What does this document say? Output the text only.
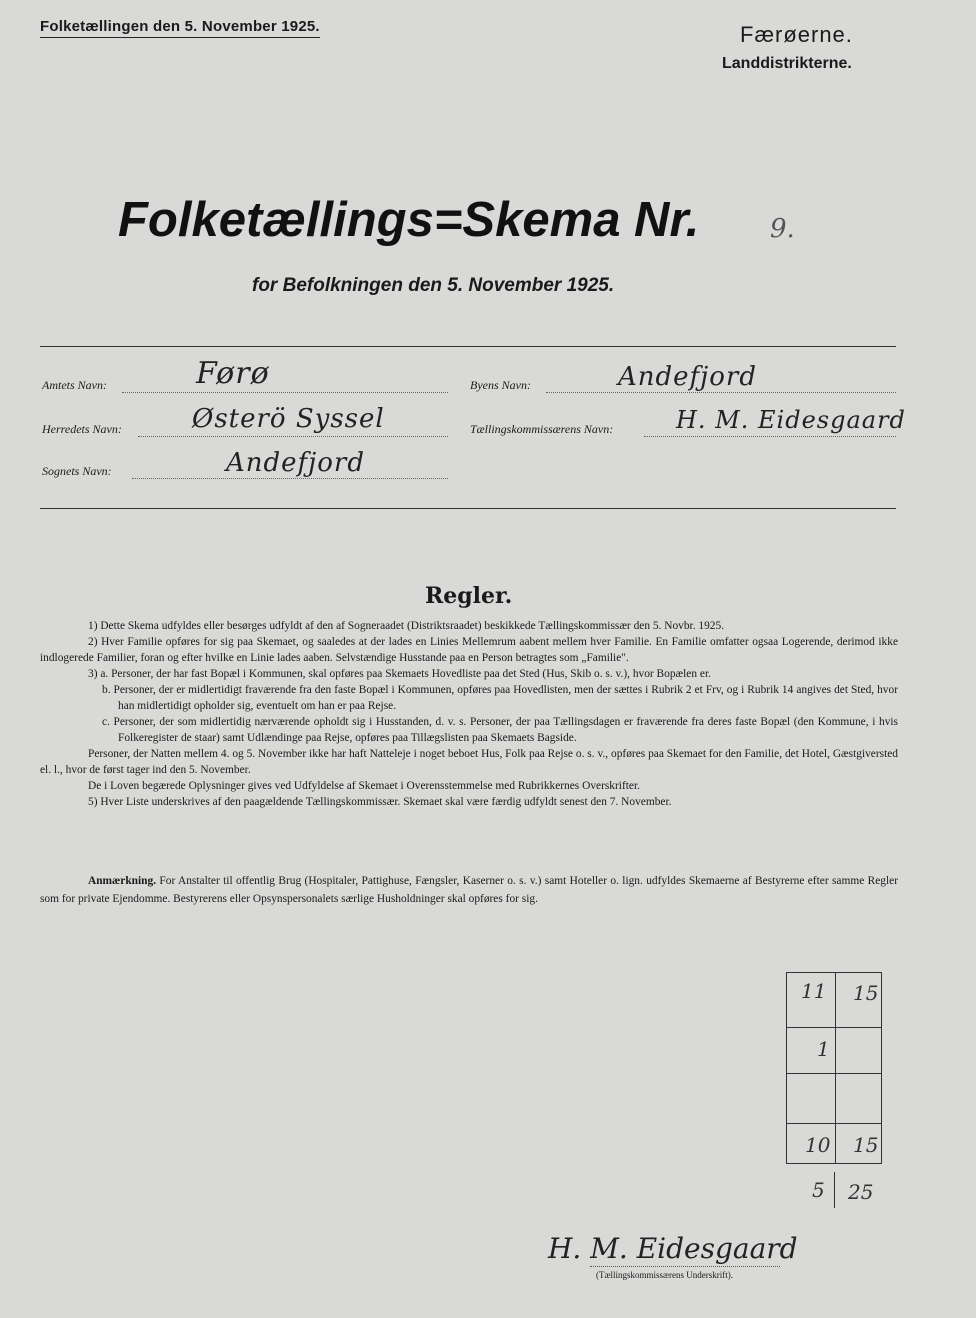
Folketællingen den 5. November 1925.	Færøerne.
Landdistrikterne.
Folketællings=Skema Nr.	9.
for Befolkningen den 5. November 1925.
Amtets Navn:	Førø	Byens Navn:	Andefjord
Herredets Navn:	Østerö Syssel	Tællingskommissærens Navn:	H. M. Eidesgaard
Sognets Navn:	Andefjord
Regler.

1) Dette Skema udfyldes eller besørges udfyldt af den af Sogneraadet (Distriktsraadet) beskikkede Tællingskommissær den 5. Novbr. 1925.

2) Hver Familie opføres for sig paa Skemaet, og saaledes at der lades en Linies Mellemrum aabent mellem hver Familie. En Familie omfatter ogsaa Logerende, derimod ikke indlogerede Familier, foran og efter hvilke en Linie lades aaben. Selvstændige Husstande paa en Person betragtes som „Familie".

3) a. Personer, der har fast Bopæl i Kommunen, skal opføres paa Skemaets Hovedliste paa det Sted (Hus, Skib o. s. v.), hvor Bopælen er.

b. Personer, der er midlertidigt fraværende fra den faste Bopæl i Kommunen, opføres paa Hovedlisten, men der sættes i Rubrik 2 et Frv, og i Rubrik 14 angives det Sted, hvor han midlertidigt opholder sig, eventuelt om han er paa Rejse.

c. Personer, der som midlertidig nærværende opholdt sig i Husstanden, d. v. s. Personer, der paa Tællingsdagen er fraværende fra deres faste Bopæl (den Kommune, i hvis Folkeregister de staar) samt Udlændinge paa Rejse, opføres paa Tillægslisten paa Skemaets Bagside.

Personer, der Natten mellem 4. og 5. November ikke har haft Natteleje i noget beboet Hus, Folk paa Rejse o. s. v., opføres paa Skemaet for den Familie, det Hotel, Gæstgiversted el. l., hvor de først tager ind den 5. November.

De i Loven begærede Oplysninger gives ved Udfyldelse af Skemaet i Overensstemmelse med Rubrikkernes Overskrifter.

5) Hver Liste underskrives af den paagældende Tællingskommissær. Skemaet skal være færdig udfyldt senest den 7. November.

Anmærkning. For Anstalter til offentlig Brug (Hospitaler, Pattighuse, Fængsler, Kaserner o. s. v.) samt Hoteller o. lign. udfyldes Skemaerne af Bestyrerne efter samme Regler som for private Ejendomme. Bestyrerens eller Opsynspersonalets særlige Husholdninger skal opføres for sig.

11 15
1
10 15
5 25
H. M. Eidesgaard
(Tællingskommissærens Underskrift).
